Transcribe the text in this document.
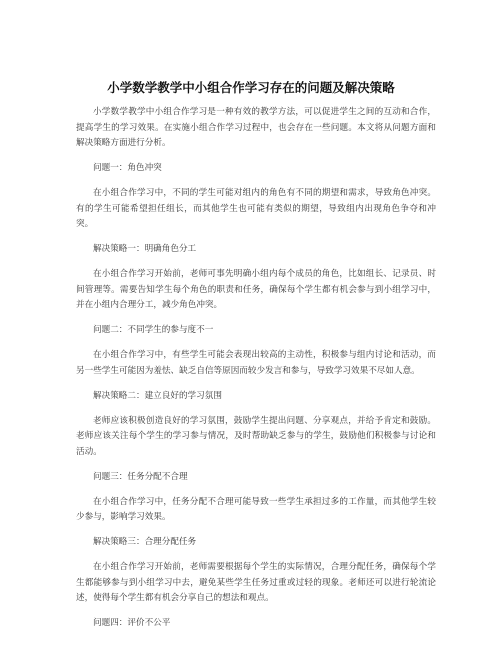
小学数学教学中小组合作学习存在的问题及解决策略

小学数学教学中小组合作学习是一种有效的教学方法，可以促进学生之间的互动和合作，提高学生的学习效果。在实施小组合作学习过程中，也会存在一些问题。本文将从问题方面和解决策略方面进行分析。

问题一：角色冲突

在小组合作学习中，不同的学生可能对组内的角色有不同的期望和需求，导致角色冲突。有的学生可能希望担任组长，而其他学生也可能有类似的期望，导致组内出现角色争夺和冲突。

解决策略一：明确角色分工

在小组合作学习开始前，老师可事先明确小组内每个成员的角色，比如组长、记录员、时间管理等。需要告知学生每个角色的职责和任务，确保每个学生都有机会参与到小组学习中，并在小组内合理分工，减少角色冲突。

问题二：不同学生的参与度不一

在小组合作学习中，有些学生可能会表现出较高的主动性，积极参与组内讨论和活动，而另一些学生可能因为羞怯、缺乏自信等原因而较少发言和参与，导致学习效果不尽如人意。

解决策略二：建立良好的学习氛围

老师应该积极创造良好的学习氛围，鼓励学生提出问题、分享观点，并给予肯定和鼓励。老师应该关注每个学生的学习参与情况，及时帮助缺乏参与的学生，鼓励他们积极参与讨论和活动。

问题三：任务分配不合理

在小组合作学习中，任务分配不合理可能导致一些学生承担过多的工作量，而其他学生较少参与，影响学习效果。

解决策略三：合理分配任务

在小组合作学习开始前，老师需要根据每个学生的实际情况，合理分配任务，确保每个学生都能够参与到小组学习中去，避免某些学生任务过重或过轻的现象。老师还可以进行轮流论述，使得每个学生都有机会分享自己的想法和观点。

问题四：评价不公平
